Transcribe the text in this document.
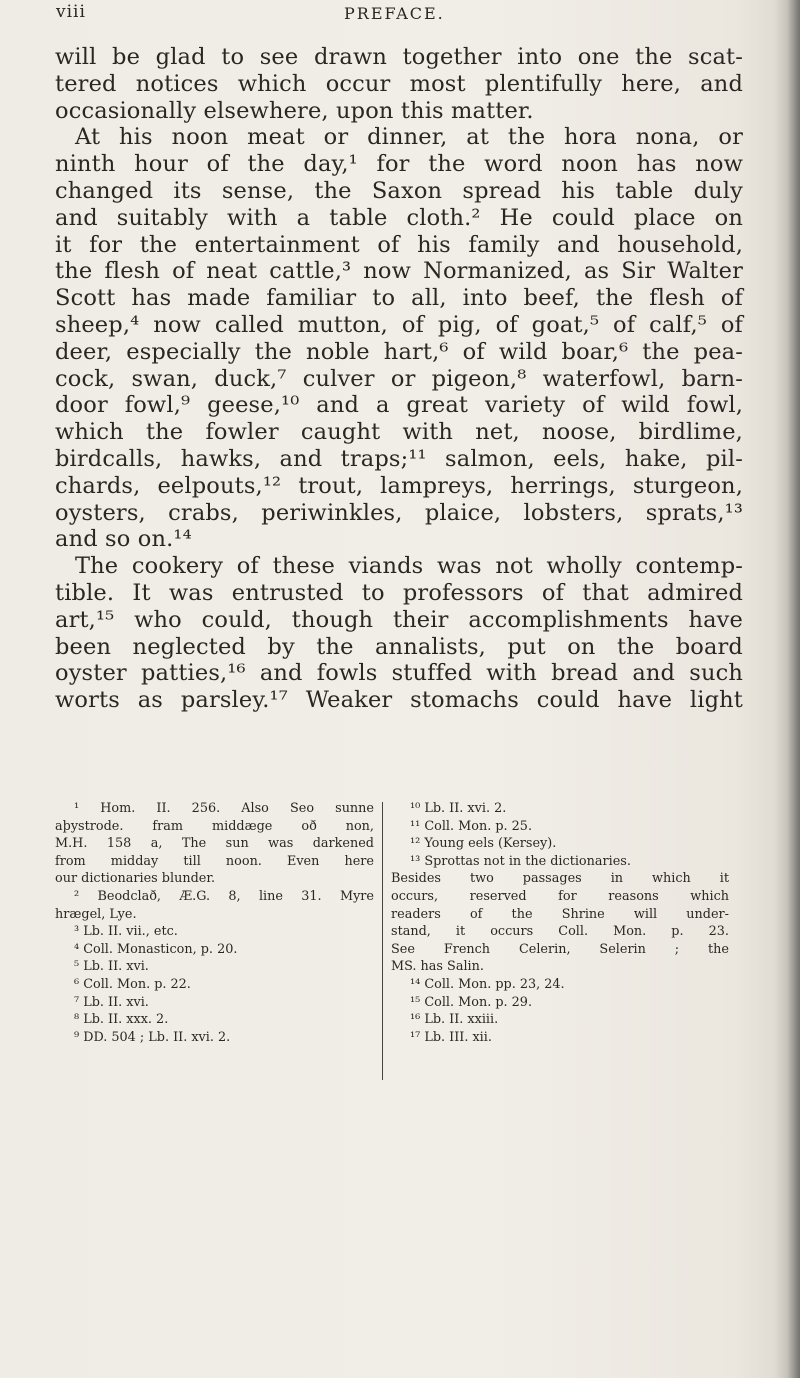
viii	PREFACE.
will be glad to see drawn together into one the scat-
tered notices which occur most plentifully here, and
occasionally elsewhere, upon this matter.
At his noon meat or dinner, at the hora nona, or
ninth hour of the day,¹ for the word noon has now
changed its sense, the Saxon spread his table duly
and suitably with a table cloth.² He could place on
it for the entertainment of his family and household,
the flesh of neat cattle,³ now Normanized, as Sir Walter
Scott has made familiar to all, into beef, the flesh of
sheep,⁴ now called mutton, of pig, of goat,⁵ of calf,⁵ of
deer, especially the noble hart,⁶ of wild boar,⁶ the pea-
cock, swan, duck,⁷ culver or pigeon,⁸ waterfowl, barn-
door fowl,⁹ geese,¹⁰ and a great variety of wild fowl,
which the fowler caught with net, noose, birdlime,
birdcalls, hawks, and traps;¹¹ salmon, eels, hake, pil-
chards, eelpouts,¹² trout, lampreys, herrings, sturgeon,
oysters, crabs, periwinkles, plaice, lobsters, sprats,¹³
and so on.¹⁴
The cookery of these viands was not wholly contemp-
tible. It was entrusted to professors of that admired
art,¹⁵ who could, though their accomplishments have
been neglected by the annalists, put on the board
oyster patties,¹⁶ and fowls stuffed with bread and such
worts as parsley.¹⁷ Weaker stomachs could have light
¹ Hom. II. 256. Also Seo sunne
aþystrode. fram middæge oð non,
M.H. 158 a, The sun was darkened
from midday till noon. Even here
our dictionaries blunder.
² Beodclað, Æ.G. 8, line 31. Myre
hrægel, Lye.
³ Lb. II. vii., etc.
⁴ Coll. Monasticon, p. 20.
⁵ Lb. II. xvi.
⁶ Coll. Mon. p. 22.
⁷ Lb. II. xvi.
⁸ Lb. II. xxx. 2.
⁹ DD. 504 ; Lb. II. xvi. 2.
¹⁰ Lb. II. xvi. 2.
¹¹ Coll. Mon. p. 25.
¹² Young eels (Kersey).
¹³ Sprottas not in the dictionaries.
Besides two passages in which it
occurs, reserved for reasons which
readers of the Shrine will under-
stand, it occurs Coll. Mon. p. 23.
See French Celerin, Selerin ; the
MS. has Salin.
¹⁴ Coll. Mon. pp. 23, 24.
¹⁵ Coll. Mon. p. 29.
¹⁶ Lb. II. xxiii.
¹⁷ Lb. III. xii.
